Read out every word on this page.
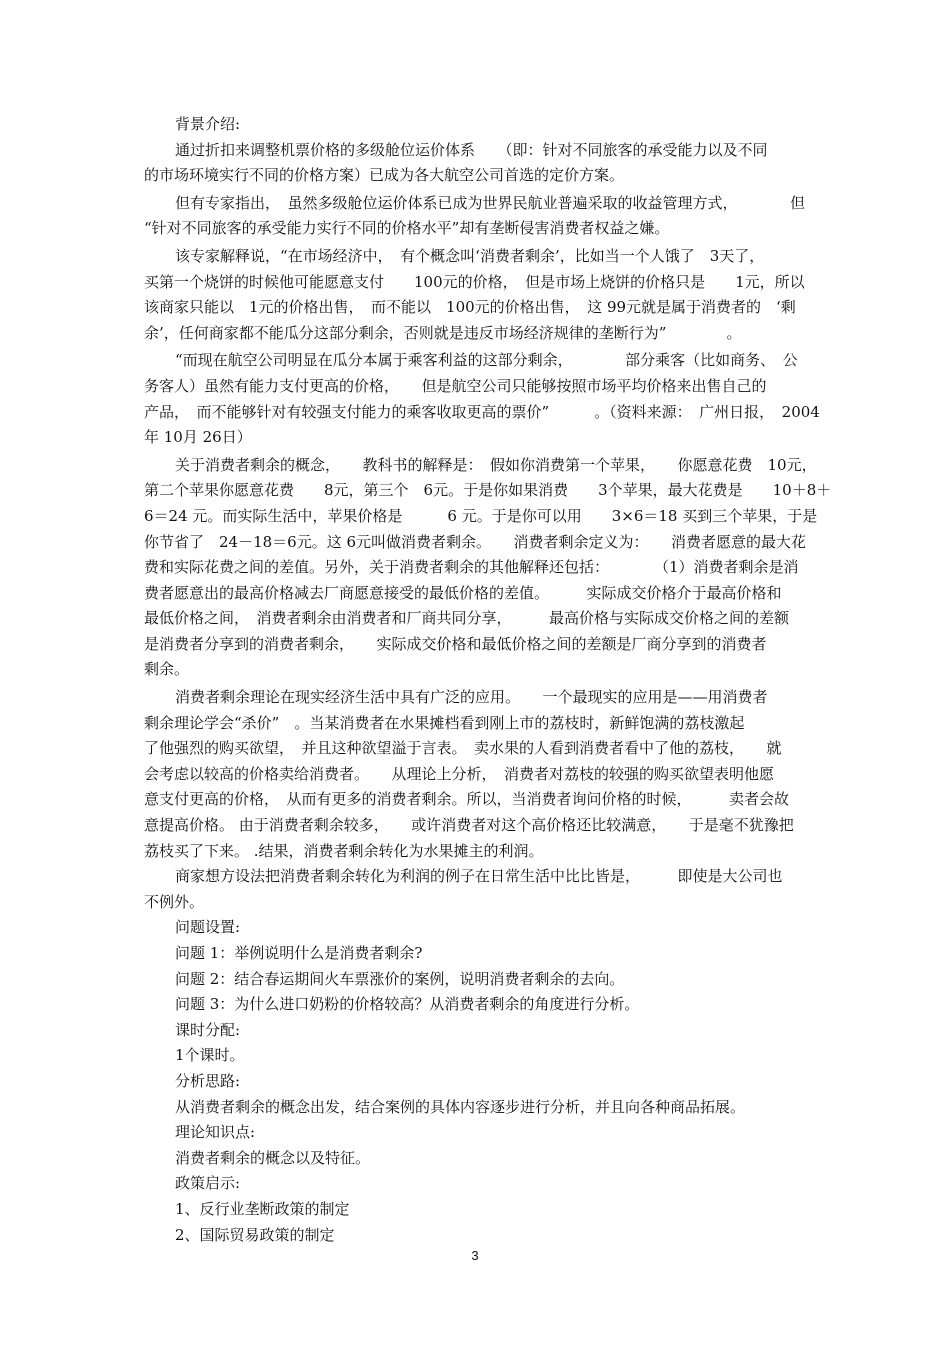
背景介绍:
通过折扣来调整机票价格的多级舱位运价体系　　（即：针对不同旅客的承受能力以及不同
的市场环境实行不同的价格方案）已成为各大航空公司首选的定价方案。
但有专家指出，　虽然多级舱位运价体系已成为世界民航业普遍采取的收益管理方式，　　　　但
“针对不同旅客的承受能力实行不同的价格水平”却有垄断侵害消费者权益之嫌。
该专家解释说，“在市场经济中，　有个概念叫‘消费者剩余’，比如当一个人饿了　3天了，
买第一个烧饼的时候他可能愿意支付　　100元的价格，　但是市场上烧饼的价格只是　　1元，所以
该商家只能以　1元的价格出售，　而不能以　100元的价格出售，　这 99元就是属于消费者的　‘剩
余’，任何商家都不能瓜分这部分剩余，否则就是违反市场经济规律的垄断行为”　　　　。
“而现在航空公司明显在瓜分本属于乘客利益的这部分剩余，　　　　部分乘客（比如商务、　公
务客人）虽然有能力支付更高的价格，　　但是航空公司只能够按照市场平均价格来出售自己的
产品，　而不能够针对有较强支付能力的乘客收取更高的票价”　　　。（资料来源：　广州日报，　2004
年 10月 26日）
关于消费者剩余的概念，　　教科书的解释是：　假如你消费第一个苹果，　　你愿意花费　10元，
第二个苹果你愿意花费　　8元，第三个　6元。于是你如果消费　　3个苹果，最大花费是　　10＋8＋
6＝24 元。而实际生活中，苹果价格是　　　6 元。于是你可以用　　3×6＝18 买到三个苹果，于是
你节省了　24－18＝6元。这 6元叫做消费者剩余。　　消费者剩余定义为：　　消费者愿意的最大花
费和实际花费之间的差值。另外，关于消费者剩余的其他解释还包括：　　　　（1）消费者剩余是消
费者愿意出的最高价格减去厂商愿意接受的最低价格的差值。　　　实际成交价格介于最高价格和
最低价格之间，　消费者剩余由消费者和厂商共同分享，　　　最高价格与实际成交价格之间的差额
是消费者分享到的消费者剩余，　　实际成交价格和最低价格之间的差额是厂商分享到的消费者
剩余。
消费者剩余理论在现实经济生活中具有广泛的应用。　　一个最现实的应用是——用消费者
剩余理论学会“杀价”　。当某消费者在水果摊档看到刚上市的荔枝时，新鲜饱满的荔枝激起
了他强烈的购买欲望，　并且这种欲望溢于言表。　卖水果的人看到消费者看中了他的荔枝，　　就
会考虑以较高的价格卖给消费者。　　从理论上分析，　消费者对荔枝的较强的购买欲望表明他愿
意支付更高的价格，　从而有更多的消费者剩余。所以，当消费者询问价格的时候，　　　卖者会故
意提高价格。 由于消费者剩余较多，　　或许消费者对这个高价格还比较满意，　　于是毫不犹豫把
荔枝买了下来。 .结果，消费者剩余转化为水果摊主的利润。
商家想方设法把消费者剩余转化为利润的例子在日常生活中比比皆是，　　　即使是大公司也
不例外。
问题设置:
问题 1：举例说明什么是消费者剩余?
问题 2：结合春运期间火车票涨价的案例，说明消费者剩余的去向。
问题 3：为什么进口奶粉的价格较高？从消费者剩余的角度进行分析。
课时分配:
1个课时。
分析思路:
从消费者剩余的概念出发，结合案例的具体内容逐步进行分析，并且向各种商品拓展。
理论知识点:
消费者剩余的概念以及特征。
政策启示:
1、反行业垄断政策的制定
2、国际贸易政策的制定
3
